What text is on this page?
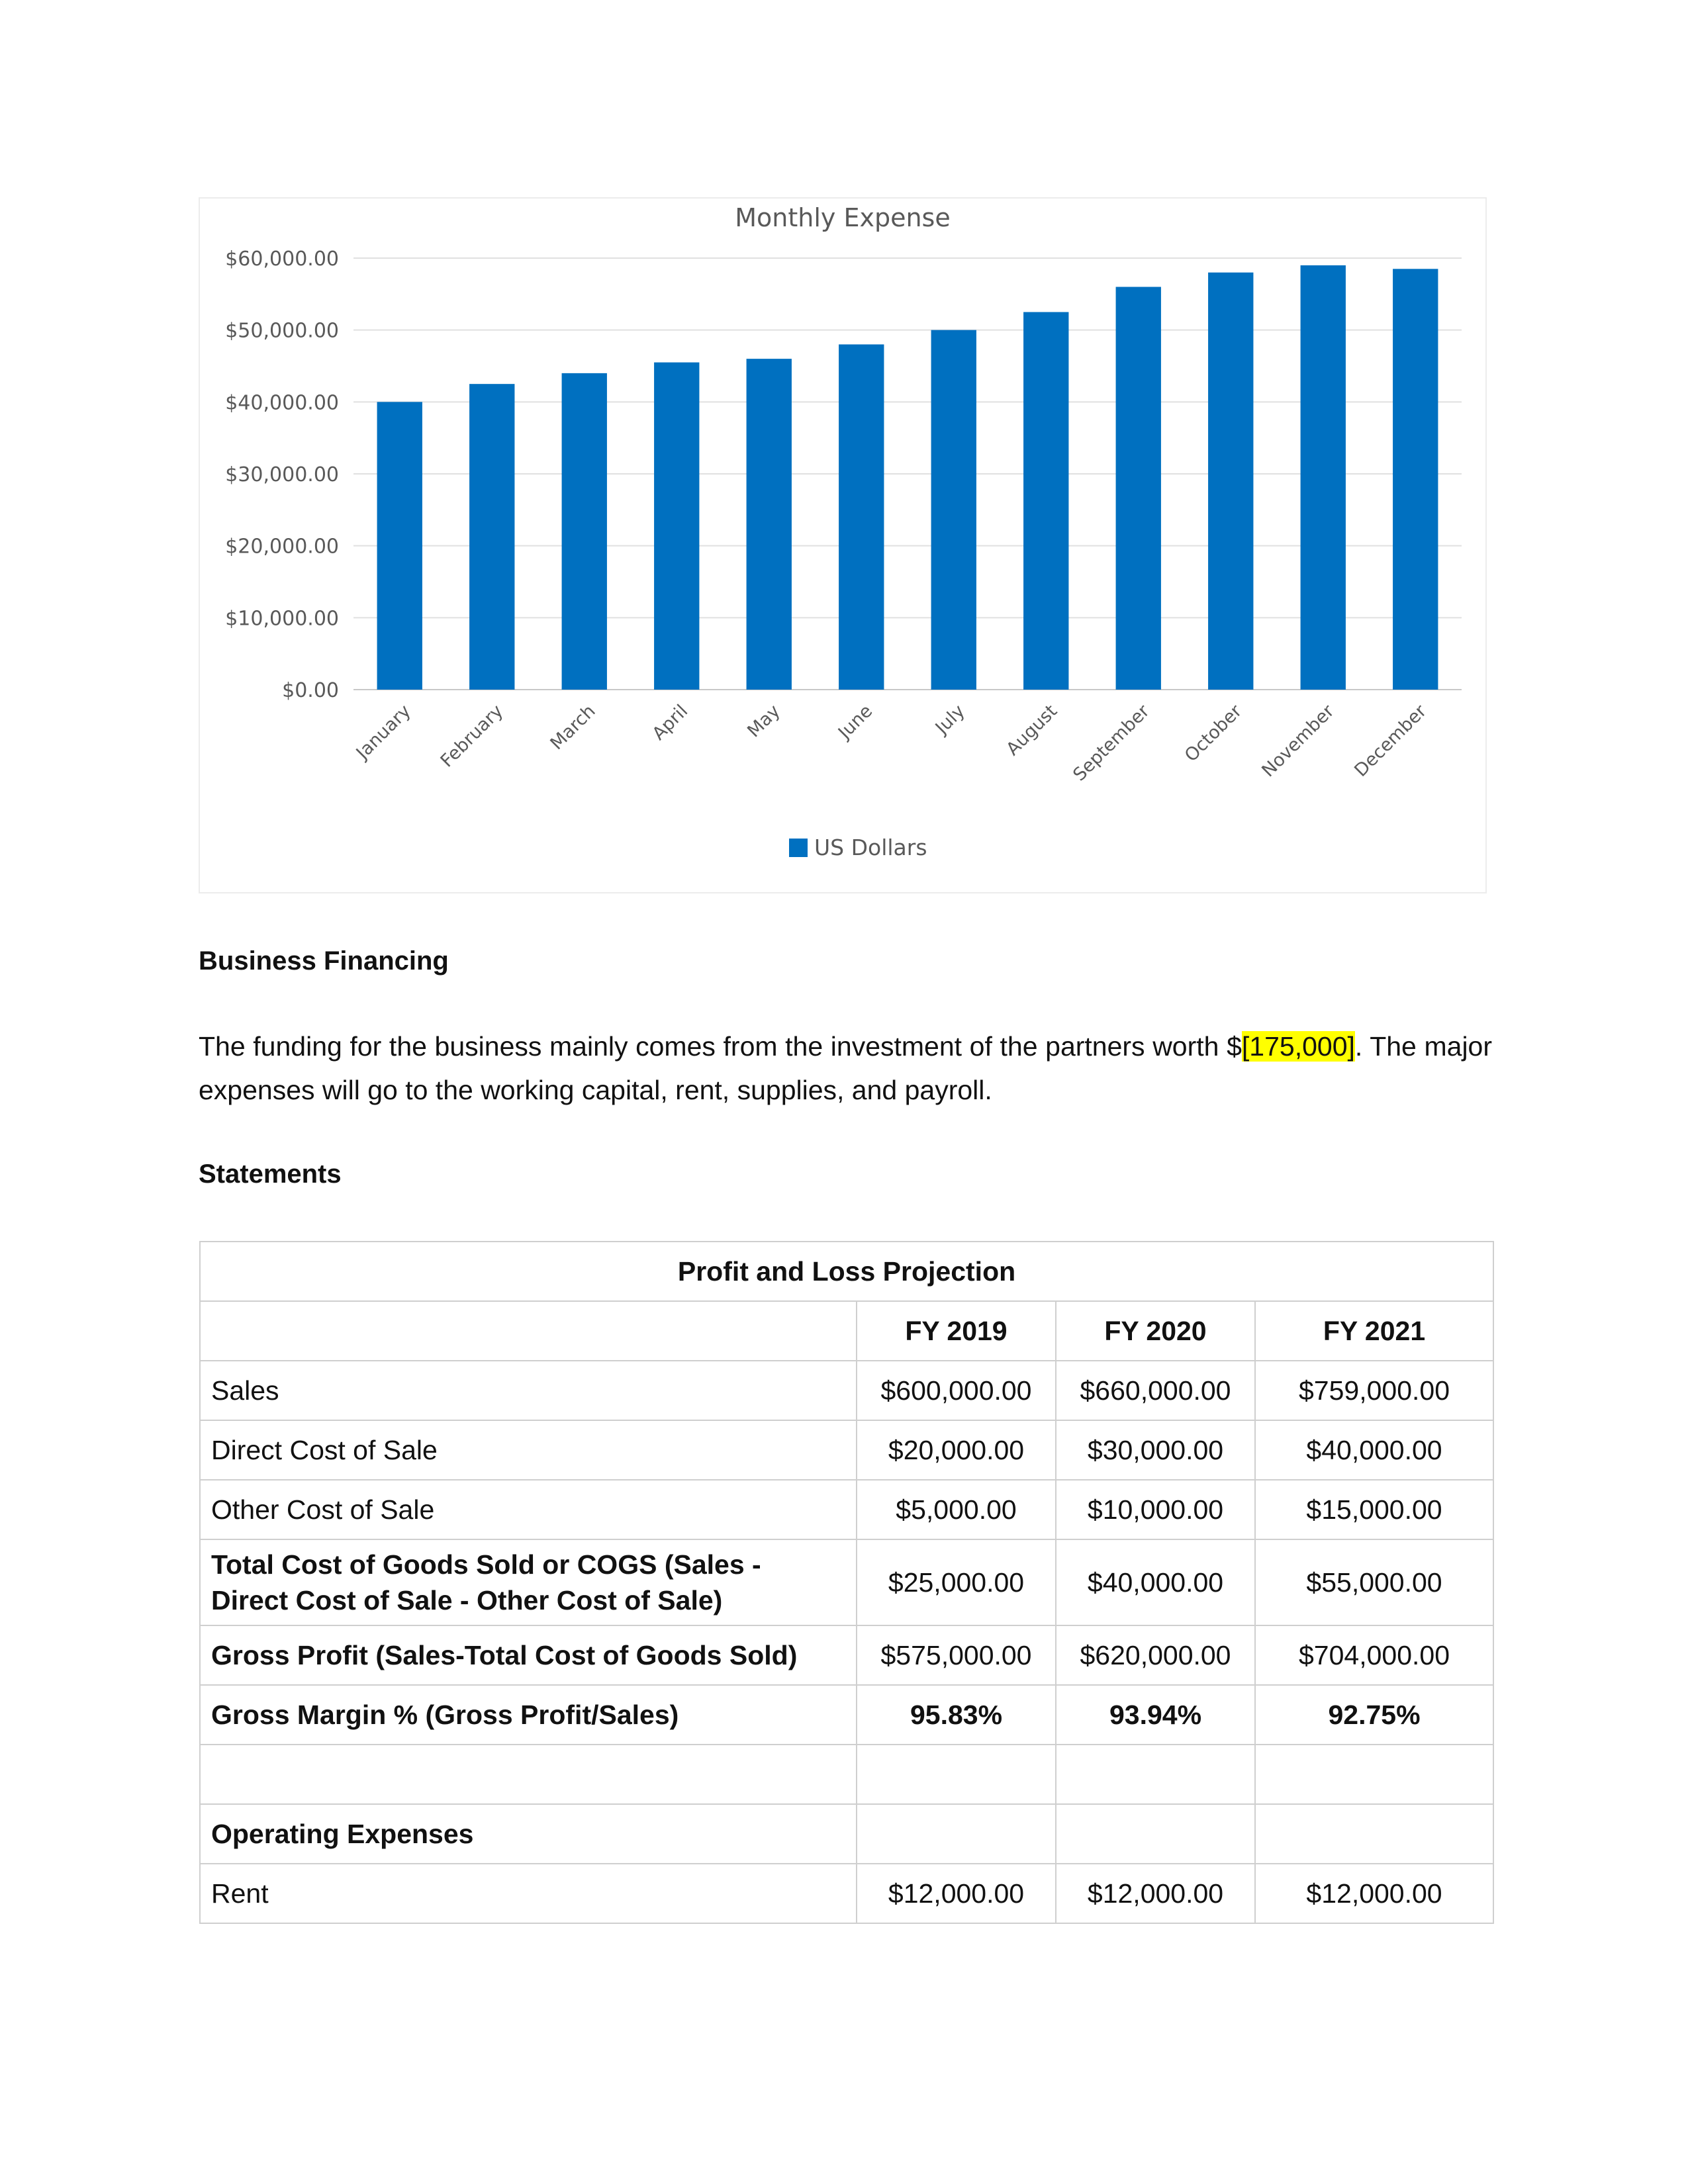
Monthly Expense
$0.00
$10,000.00
$20,000.00
$30,000.00
$40,000.00
$50,000.00
$60,000.00
January February March	April	May	June	July August September October November December
US Dollars
Business Financing

The funding for the business mainly comes from the investment of the partners worth $[175,000]. The major expenses will go to the working capital, rent, supplies, and payroll.

Statements
Profit and Loss Projection			
	FY 2019	FY 2020	FY 2021
Sales	$600,000.00	$660,000.00	$759,000.00
Direct Cost of Sale	$20,000.00	$30,000.00	$40,000.00
Other Cost of Sale	$5,000.00	$10,000.00	$15,000.00
Total Cost of Goods Sold or COGS (Sales - Direct Cost of Sale - Other Cost of Sale)	$25,000.00	$40,000.00	$55,000.00
Gross Profit (Sales-Total Cost of Goods Sold)	$575,000.00	$620,000.00	$704,000.00
Gross Margin % (Gross Profit/Sales)	95.83%	93.94%	92.75%

Operating Expenses			
Rent	$12,000.00	$12,000.00	$12,000.00
